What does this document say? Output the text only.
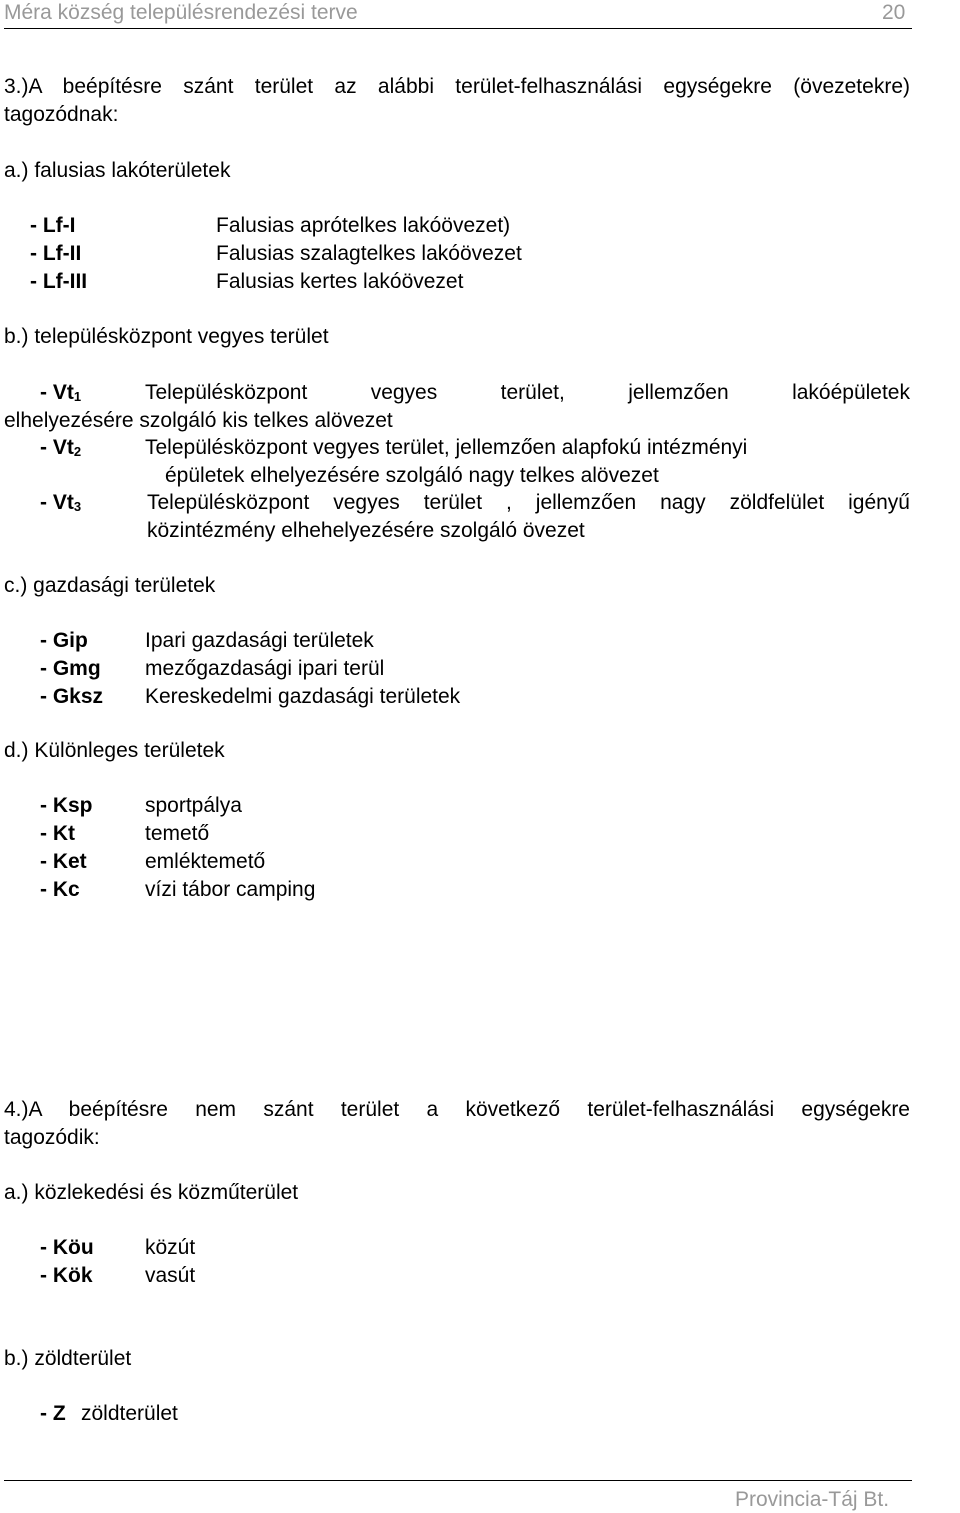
Méra község településrendezési terve	20
3.)A beépítésre szánt terület az alábbi terület-felhasználási egységekre (övezetekre)
tagozódnak:
a.) falusias lakóterületek
- Lf-I	Falusias aprótelkes lakóövezet)
- Lf-II	Falusias szalagtelkes lakóövezet
- Lf-III	Falusias kertes lakóövezet
b.) településközpont vegyes terület
- $Vt_1$	Településközpont vegyes terület, jellemzően lakóépületek
elhelyezésére szolgáló kis telkes alövezet
- $Vt_2$	Településközpont vegyes terület, jellemzően alapfokú intézményi
épületek elhelyezésére szolgáló nagy telkes alövezet
- $Vt_3$	Településközpont vegyes terület , jellemzően nagy zöldfelület igényű
közintézmény elhehelyezésére szolgáló övezet
c.) gazdasági területek
- Gip	Ipari gazdasági területek
- Gmg mezőgazdasági ipari terül
- Gksz Kereskedelmi gazdasági területek
d.) Különleges területek
- Ksp	sportpálya
- Kt	temető
- Ket	emléktemető
- Kc	vízi tábor camping
4.)A beépítésre nem szánt terület a következő terület-felhasználási egységekre
tagozódik:
a.) közlekedési és közműterület
- Köu közút
- Kök	vasút
b.) zöldterület
- Z zöldterület
Provincia-Táj Bt.
